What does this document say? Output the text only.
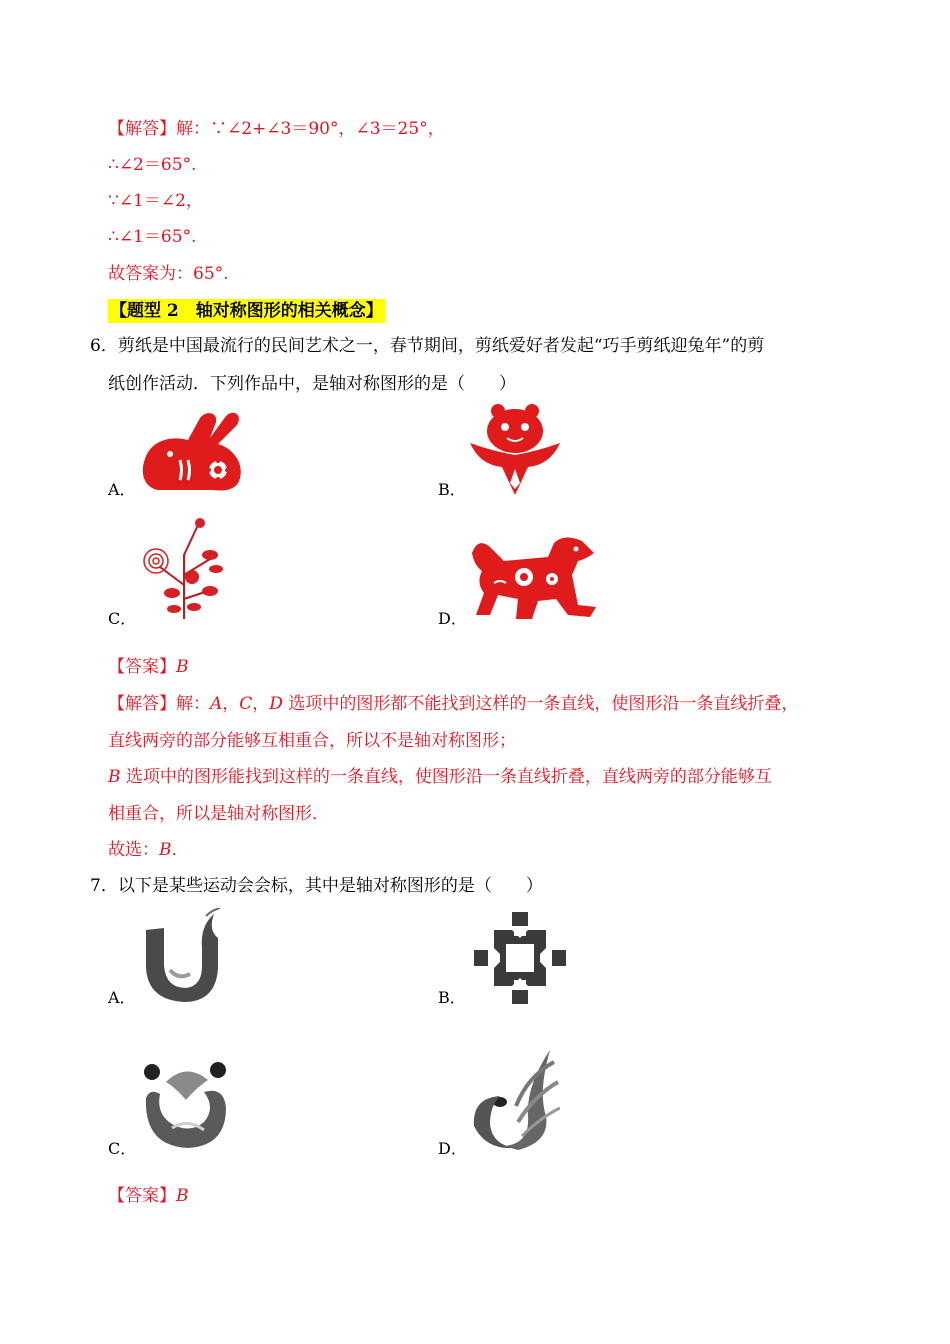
【解答】解：∵∠2+∠3＝90°，∠3＝25°，
∴∠2＝65°.
∵∠1＝∠2，
∴∠1＝65°.
故答案为：65°.
【题型 2　轴对称图形的相关概念】
6．剪纸是中国最流行的民间艺术之一，春节期间，剪纸爱好者发起“巧手剪纸迎兔年”的剪
纸创作活动．下列作品中，是轴对称图形的是（　　）
A．	B．
C．	D．
【答案】B
【解答】解：A，C，D 选项中的图形都不能找到这样的一条直线，使图形沿一条直线折叠，
直线两旁的部分能够互相重合，所以不是轴对称图形；
B 选项中的图形能找到这样的一条直线，使图形沿一条直线折叠，直线两旁的部分能够互
相重合，所以是轴对称图形．
故选：B．
7．以下是某些运动会会标，其中是轴对称图形的是（　　）
A．	B．
C．	D．
【答案】B
